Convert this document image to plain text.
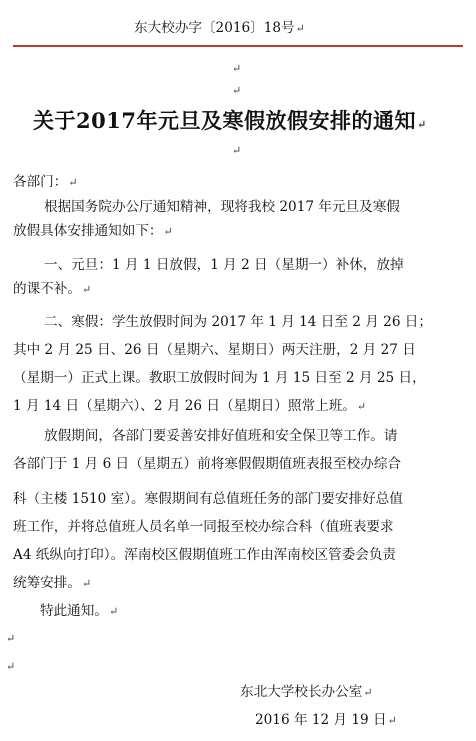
东大校办字〔2016〕18号↵
↵
↵
关于2017年元旦及寒假放假安排的通知↵
↵
各部门：↵
根据国务院办公厅通知精神，现将我校 2017 年元旦及寒假
放假具体安排通知如下：↵
一、元旦：1 月 1 日放假，1 月 2 日（星期一）补休，放掉
的课不补。↵
二、寒假：学生放假时间为 2017 年 1 月 14 日至 2 月 26 日；
其中 2 月 25 日、26 日（星期六、星期日）两天注册，2 月 27 日
（星期一）正式上课。教职工放假时间为 1 月 15 日至 2 月 25 日，
1 月 14 日（星期六）、2 月 26 日（星期日）照常上班。↵
放假期间，各部门要妥善安排好值班和安全保卫等工作。请
各部门于 1 月 6 日（星期五）前将寒假假期值班表报至校办综合
科（主楼 1510 室）。寒假期间有总值班任务的部门要安排好总值
班工作，并将总值班人员名单一同报至校办综合科（值班表要求
A4 纸纵向打印）。浑南校区假期值班工作由浑南校区管委会负责
统筹安排。↵
特此通知。↵
↵
↵
东北大学校长办公室↵
2016 年 12 月 19 日↵
